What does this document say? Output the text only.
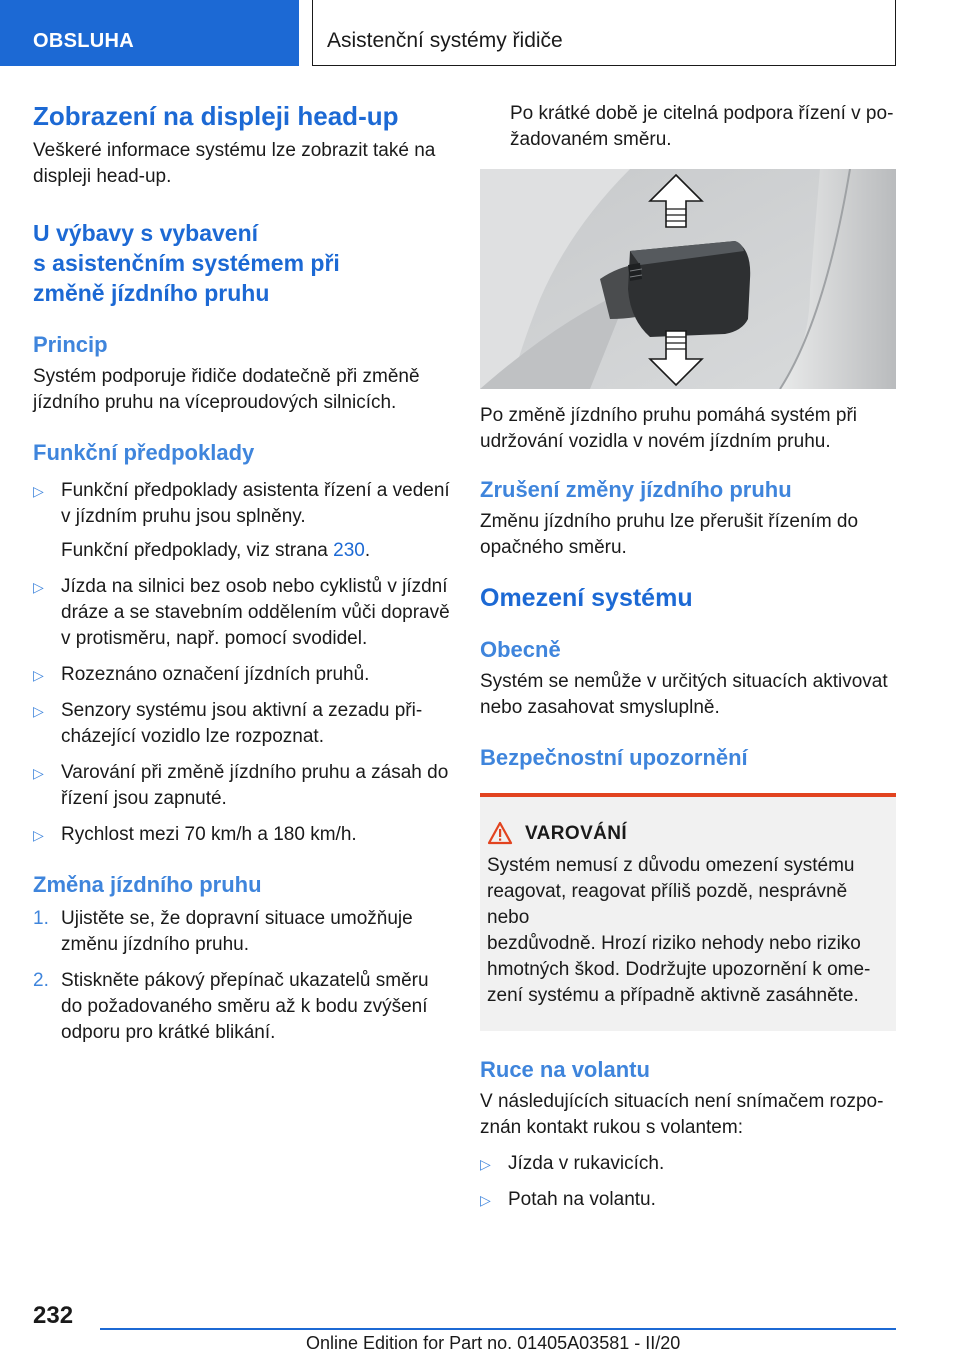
OBSLUHA	Asistenční systémy řidiče
Zobrazení na displeji head-up

Veškeré informace systému lze zobrazit také na
displeji head-up.

U výbavy s vybavení
s asistenčním systémem při
změně jízdního pruhu
Princip

Systém podporuje řidiče dodatečně při změně
jízdního pruhu na víceproudových silnicích.

Funkční předpoklady
▷ Funkční předpoklady asistenta řízení a vedení
v jízdním pruhu jsou splněny.
Funkční předpoklady, viz strana 230.
▷ Jízda na silnici bez osob nebo cyklistů v jízdní
dráze a se stavebním oddělením vůči dopravě
v protisměru, např. pomocí svodidel.
▷ Rozeznáno označení jízdních pruhů.
▷ Senzory systému jsou aktivní a zezadu při‐
cházející vozidlo lze rozpoznat.
▷ Varování při změně jízdního pruhu a zásah do
řízení jsou zapnuté.
▷ Rychlost mezi 70 km/h a 180 km/h.
Změna jízdního pruhu
1. Ujistěte se, že dopravní situace umožňuje
změnu jízdního pruhu.
2. Stiskněte pákový přepínač ukazatelů směru
do požadovaného směru až k bodu zvýšení
odporu pro krátké blikání.

Po krátké době je citelná podpora řízení v po‐
žadovaném směru.

Po změně jízdního pruhu pomáhá systém při
udržování vozidla v novém jízdním pruhu.

Zrušení změny jízdního pruhu

Změnu jízdního pruhu lze přerušit řízením do
opačného směru.

Omezení systému
Obecně

Systém se nemůže v určitých situacích aktivovat
nebo zasahovat smysluplně.

Bezpečnostní upozornění
VAROVÁNÍ

Systém nemusí z důvodu omezení systému
reagovat, reagovat příliš pozdě, nesprávně nebo
bezdůvodně. Hrozí riziko nehody nebo riziko
hmotných škod. Dodržujte upozornění k ome‐
zení systému a případně aktivně zasáhněte.

Ruce na volantu

V následujících situacích není snímačem rozpo‐
znán kontakt rukou s volantem:

▷ Jízda v rukavicích.
▷ Potah na volantu.
232
Online Edition for Part no. 01405A03581 - II/20
